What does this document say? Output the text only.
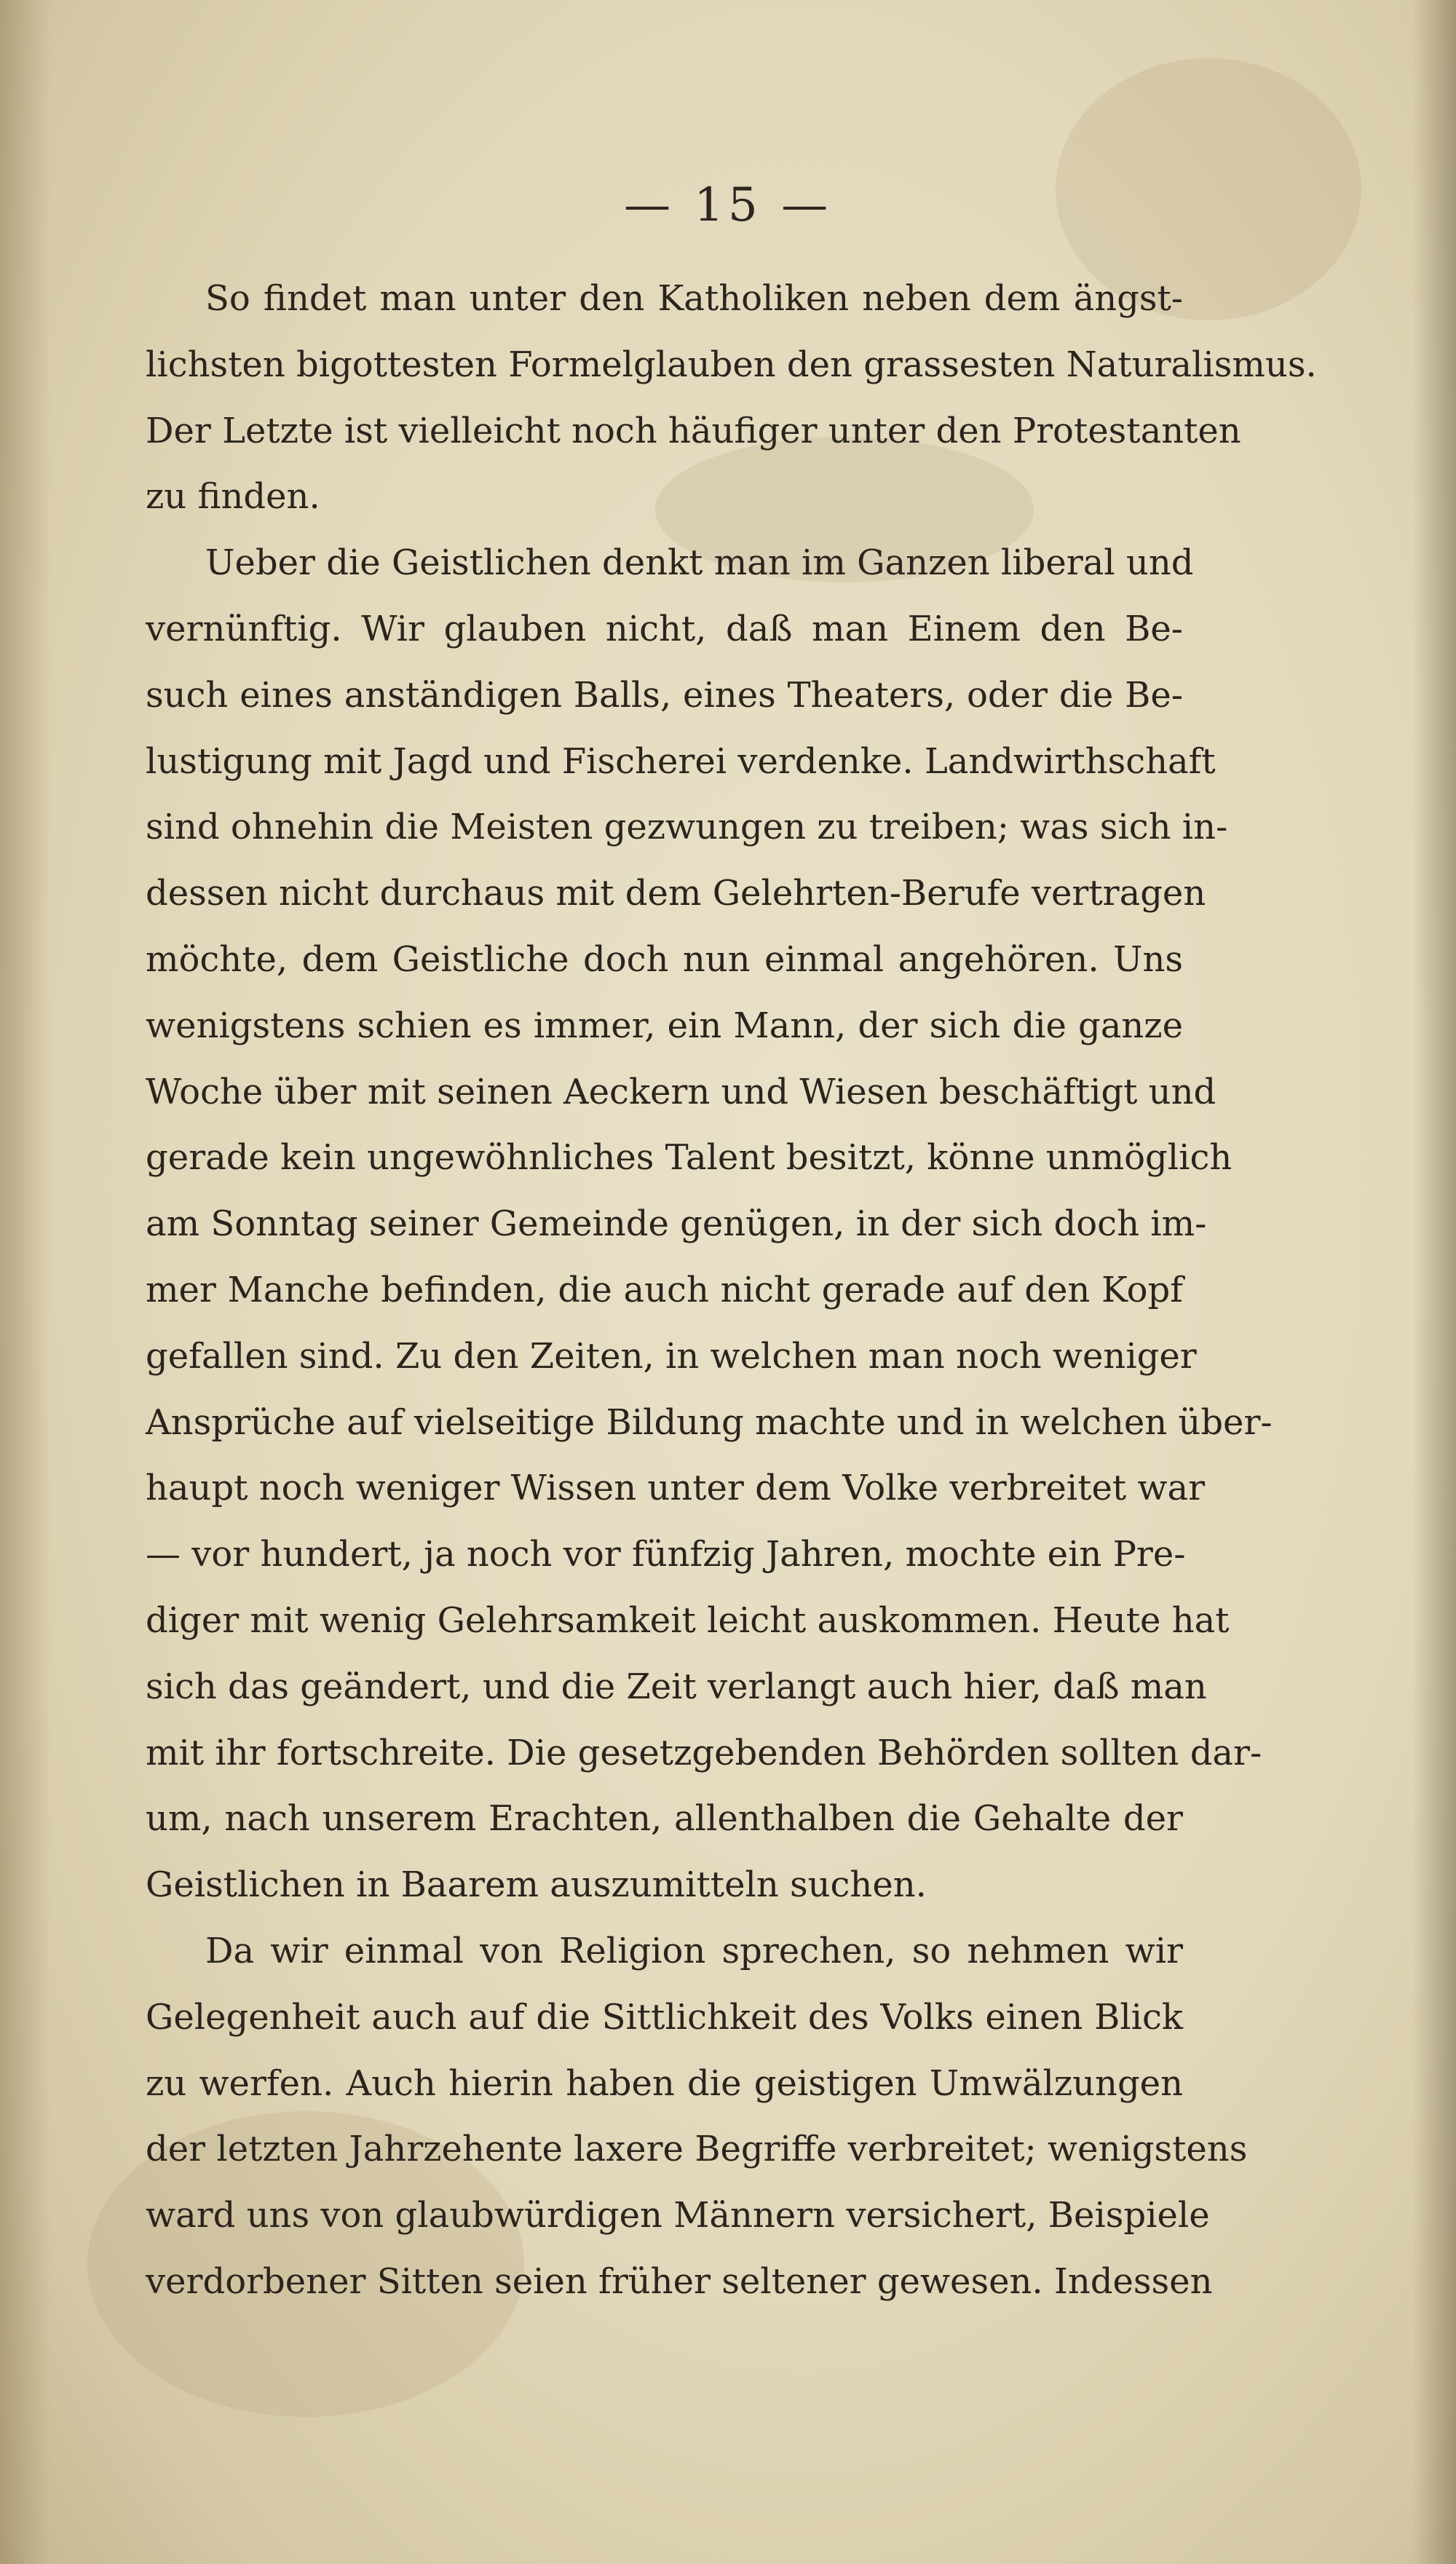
— 15 —
So findet man unter den Katholiken neben dem ängst-
lichsten bigottesten Formelglauben den grassesten Naturalismus.
Der Letzte ist vielleicht noch häufiger unter den Protestanten
zu finden.
Ueber die Geistlichen denkt man im Ganzen liberal und
vernünftig. Wir glauben nicht, daß man Einem den Be-
such eines anständigen Balls, eines Theaters, oder die Be-
lustigung mit Jagd und Fischerei verdenke. Landwirthschaft
sind ohnehin die Meisten gezwungen zu treiben; was sich in-
dessen nicht durchaus mit dem Gelehrten-Berufe vertragen
möchte, dem Geistliche doch nun einmal angehören. Uns
wenigstens schien es immer, ein Mann, der sich die ganze
Woche über mit seinen Aeckern und Wiesen beschäftigt und
gerade kein ungewöhnliches Talent besitzt, könne unmöglich
am Sonntag seiner Gemeinde genügen, in der sich doch im-
mer Manche befinden, die auch nicht gerade auf den Kopf
gefallen sind. Zu den Zeiten, in welchen man noch weniger
Ansprüche auf vielseitige Bildung machte und in welchen über-
haupt noch weniger Wissen unter dem Volke verbreitet war
— vor hundert, ja noch vor fünfzig Jahren, mochte ein Pre-
diger mit wenig Gelehrsamkeit leicht auskommen. Heute hat
sich das geändert, und die Zeit verlangt auch hier, daß man
mit ihr fortschreite. Die gesetzgebenden Behörden sollten dar-
um, nach unserem Erachten, allenthalben die Gehalte der
Geistlichen in Baarem auszumitteln suchen.
Da wir einmal von Religion sprechen, so nehmen wir
Gelegenheit auch auf die Sittlichkeit des Volks einen Blick
zu werfen. Auch hierin haben die geistigen Umwälzungen
der letzten Jahrzehente laxere Begriffe verbreitet; wenigstens
ward uns von glaubwürdigen Männern versichert, Beispiele
verdorbener Sitten seien früher seltener gewesen. Indessen
